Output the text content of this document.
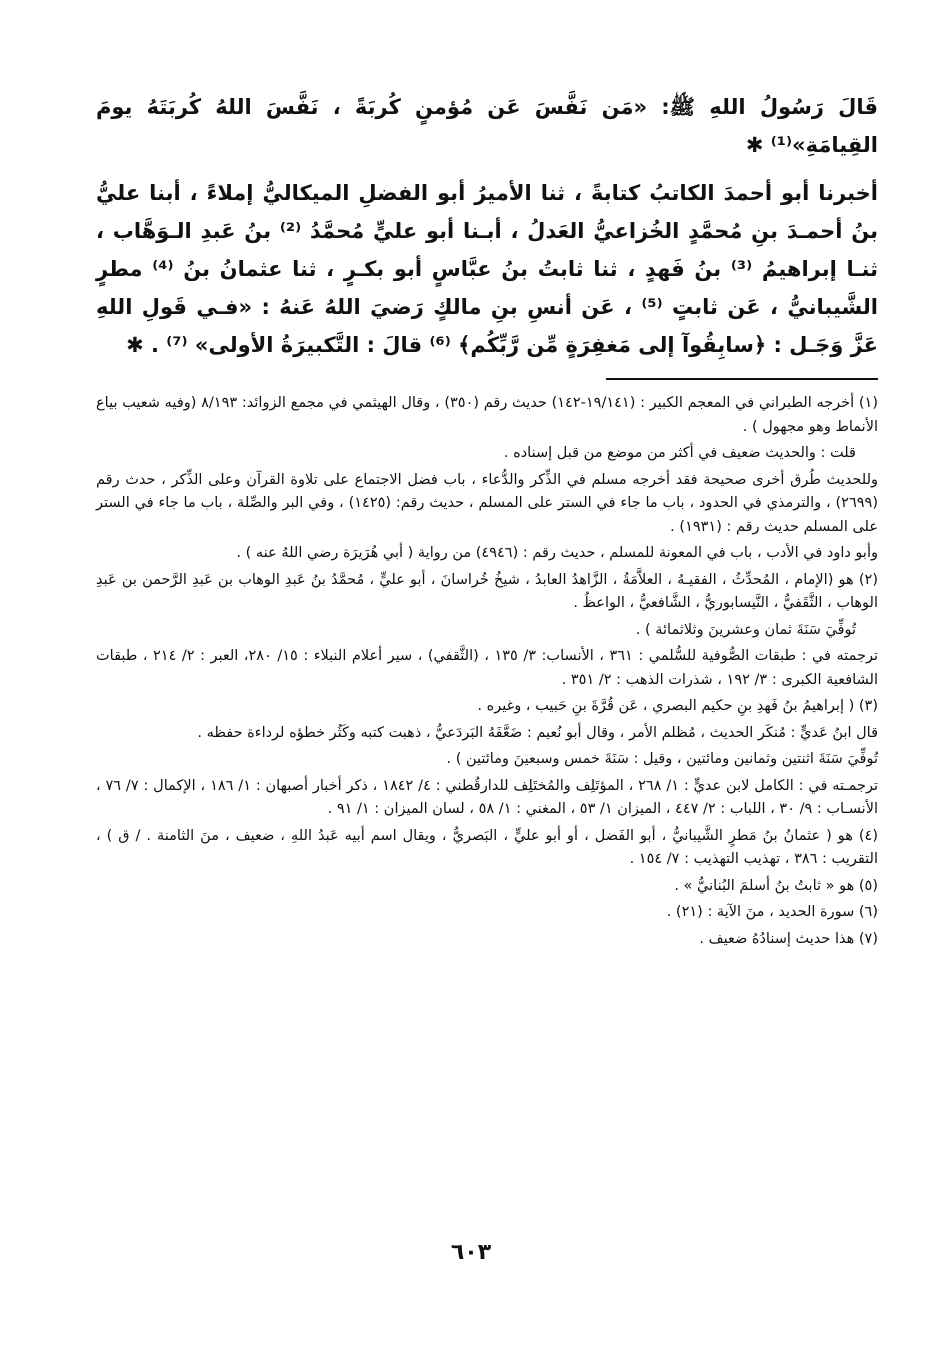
قَالَ رَسُولُ اللهِ ﷺ: «مَن نَفَّسَ عَن مُؤمنٍ كُربَةً ، نَفَّسَ اللهُ كُربَتَهُ يومَ القِيامَةِ»⁽¹⁾ ✱

أخبرنا أبو أحمدَ الكاتبُ كتابةً ، ثنا الأميرُ أبو الفضلِ الميكاليُّ إملاءً ، أبنا عليُّ بنُ أحمـدَ بنِ مُحمَّدٍ الخُزاعيُّ العَدلُ ، أبـنا أبو عليٍّ مُحمَّدُ ⁽²⁾ بنُ عَبدِ الـوَهَّاب ، ثنـا إبراهيمُ ⁽³⁾ بنُ فَهدٍ ، ثنا ثابتُ بنُ عبَّاسٍ أبو بكـرٍ ، ثنا عثمانُ بنُ ⁽⁴⁾ مطرٍ الشَّيبانيُّ ، عَن ثابتٍ ⁽⁵⁾ ، عَن أنسِ بنِ مالكٍ رَضيَ اللهُ عَنهُ : «فـي قَولِ اللهِ عَزَّ وَجَـل : ﴿سابِقُوآ إلى مَغفِرَةٍ مِّن رَّبِّكُم﴾ ⁽⁶⁾ قالَ : التَّكبيرَةُ الأولى» ⁽⁷⁾ . ✱

(١) أخرجه الطبراني في المعجم الكبير : (١٩/١٤١-١٤٢) حديث رقم (٣٥٠) ، وقال الهيثمي في مجمع الزوائد: ٨/١٩٣ (وفيه شعيب بياع الأنماط وهو مجهول ) .

قلت : والحديث ضعيف في أكثر من موضع من قبل إسناده .

وللحديث طُرق أخرى صحيحة فقد أخرجه مسلم في الذِّكر والدُّعاء ، باب فضل الاجتماع على تلاوة القرآن وعلى الذِّكر ، حدث رقم (٢٦٩٩) ، والترمذي في الحدود ، باب ما جاء في الستر على المسلم ، حديث رقم: (١٤٢٥) ، وفي البر والصِّلة ، باب ما جاء في الستر على المسلم حديث رقم : (١٩٣١) .

وأبو داود في الأدب ، باب في المعونة للمسلم ، حديث رقم : (٤٩٤٦) من رواية ( أبي هُرَيرَة رضي اللهُ عنه ) .

(٢) هو (الإمام ، المُحدِّثُ ، الفقيـهُ ، العلاَّمَةُ ، الزَّاهدُ العابدُ ، شيخُ خُراسانَ ، أبو عليٍّ ، مُحمَّدُ بنُ عَبدِ الوهاب بن عَبدِ الرَّحمن بن عَبدِ الوهاب ، الثَّقَفيُّ ، النَّيسابوريُّ ، الشَّافعيُّ ، الواعظُ .

تُوفِّيَ سَنَةَ ثمان وعشرينَ وثلاثمائة ) .

ترجمته في : طبقات الصُّوفية للسُّلمي : ٣٦١ ، الأنساب: ٣/ ١٣٥ ، (الثَّقفي) ، سير أعلام النبلاء : ١٥/ ٢٨٠، العبر : ٢/ ٢١٤ ، طبقات الشافعية الكبرى : ٣/ ١٩٢ ، شذرات الذهب : ٢/ ٣٥١ .

(٣) ( إبراهيمُ بنُ فَهدِ بنِ حكيم البصري ، عَن قُرَّةَ بنِ حَبيب ، وغيره .

قال ابنُ عَديٍّ : مُنكَر الحديث ، مُظلم الأمر ، وقال أبو نُعيم : ضَعَّفَهُ البَردَعيُّ ، ذهبت كتبه وكَثُر خطؤه لرداءة حفظه .

تُوفِّيَ سَنَةَ اثنتين وثمانين ومائتين ، وقيل : سَنَةَ خمس وسبعينَ ومائتين ) .

ترجمـته في : الكامل لابن عديٍّ : ١/ ٢٦٨ ، المؤتَلِف والمُختَلِف للدارقُطني : ٤/ ١٨٤٢ ، ذكر أخبار أصبهان : ١/ ١٨٦ ، الإكمال : ٧/ ٧٦ ، الأنسـاب : ٩/ ٣٠ ، اللباب : ٢/ ٤٤٧ ، الميزان ١/ ٥٣ ، المغني : ١/ ٥٨ ، لسان الميزان : ١/ ٩١ .

(٤) هو ( عثمانُ بنُ مَطرٍ الشَّيبانيُّ ، أبو الفَضل ، أو أبو عليٍّ ، البَصريُّ ، ويقال اسم أبيه عَبدُ اللهِ ، ضعيف ، منَ الثامنة . / ق ) ، التقريب : ٣٨٦ ، تهذيب التهذيب : ٧/ ١٥٤ .

(٥) هو « ثابتُ بنُ أسلمَ البُنانيُّ » .

(٦) سورة الحديد ، منَ الآية : (٢١) .

(٧) هذا حديث إسنادُهُ ضعيف .

٦٠٣
